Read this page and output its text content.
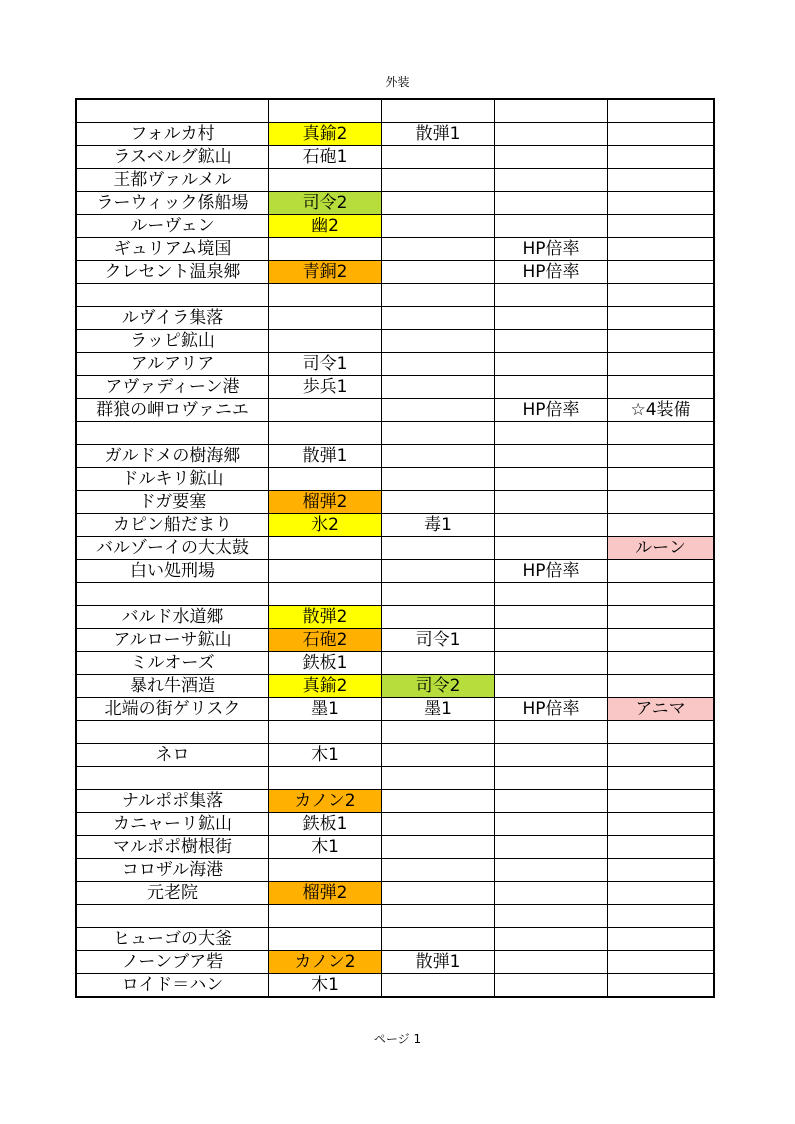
外装

フォルカ村	真鍮2	散弾1		
ラスベルグ鉱山	石砲1			
王都ヴァルメル				
ラーウィック係船場	司令2			
ルーヴェン	幽2			
ギュリアム境国			HP倍率	
クレセント温泉郷	青銅2		HP倍率	

ルヴイラ集落				
ラッピ鉱山				
アルアリア	司令1			
アヴァディーン港	歩兵1			
群狼の岬ロヴァニエ			HP倍率	☆4装備

ガルドメの樹海郷	散弾1			
ドルキリ鉱山				
ドガ要塞	榴弾2			
カピン船だまり	氷2	毒1		
バルゾーイの大太鼓				ルーン
白い処刑場			HP倍率	

バルド水道郷	散弾2			
アルローサ鉱山	石砲2	司令1		
ミルオーズ	鉄板1			
暴れ牛酒造	真鍮2	司令2		
北端の街ゲリスク	墨1	墨1	HP倍率	アニマ

ネロ	木1			

ナルポポ集落	カノン2			
カニャーリ鉱山	鉄板1			
マルポポ樹根街	木1			
コロザル海港				
元老院	榴弾2			

ヒューゴの大釜				
ノーンブア砦	カノン2	散弾1		
ロイド＝ハン	木1			
ページ 1
